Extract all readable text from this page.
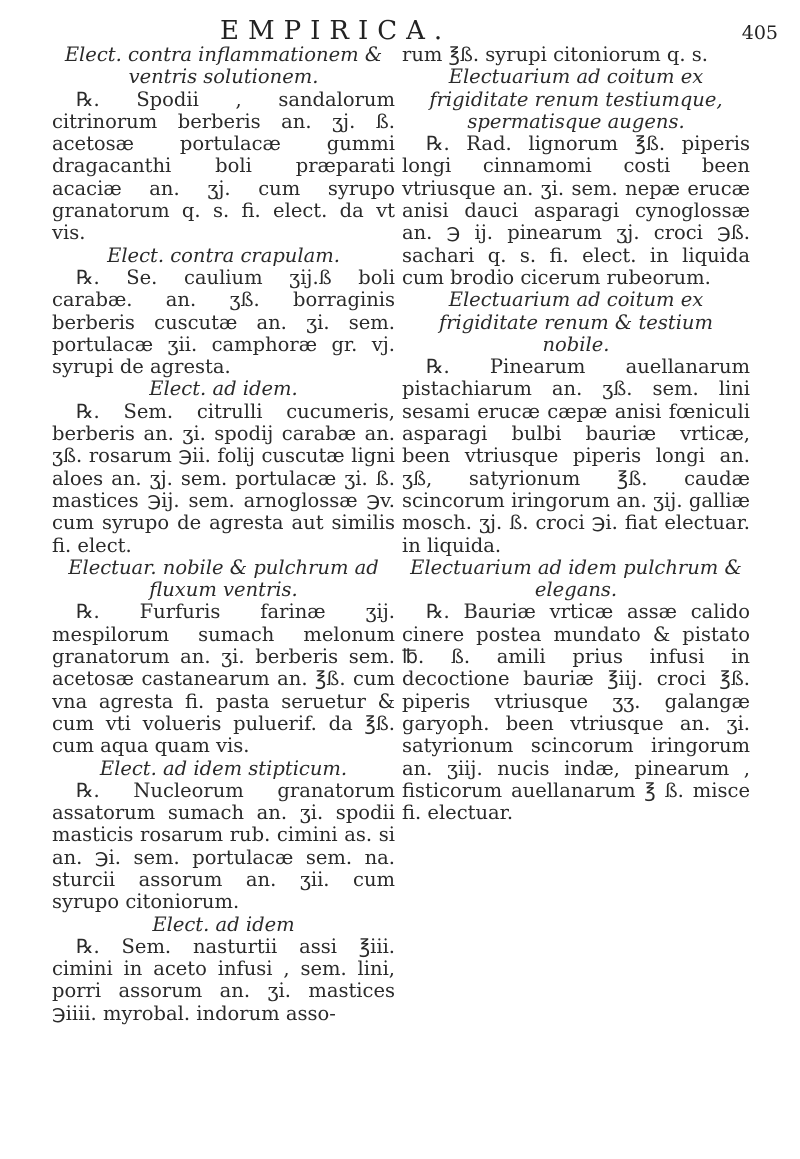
EMPIRICA.	405

Elect. contra inflammationem & ventris solutionem.

℞. Spodii , sandalorum citrinorum berberis an. ʒj. ß. acetosæ portulacæ gummi dragacanthi boli præparati acaciæ an. ʒj. cum syrupo granatorum q. s. fi. elect. da vt vis.

Elect. contra crapulam.

℞. Se. caulium ʒij.ß boli carabæ. an. ʒß. borraginis berberis cuscutæ an. ʒi. sem. portulacæ ʒii. camphoræ gr. vj. syrupi de agresta.

Elect. ad idem.

℞. Sem. citrulli cucumeris, berberis an. ʒi. spodij carabæ an. ʒß. rosarum ℈ii. folij cuscutæ ligni aloes an. ʒj. sem. portulacæ ʒi. ß. mastices ℈ij. sem. arnoglossæ ℈v. cum syrupo de agresta aut similis fi. elect.

Electuar. nobile & pulchrum ad fluxum ventris.

℞. Furfuris farinæ ʒij. mespilorum sumach melonum granatorum an. ʒi. berberis sem. acetosæ castanearum an. ℥ß. cum vna agresta fi. pasta seruetur & cum vti volueris puluerif. da ℥ß. cum aqua quam vis.

Elect. ad idem stipticum.

℞. Nucleorum granatorum assatorum sumach an. ʒi. spodii masticis rosarum rub. cimini as. si an. ℈i. sem. portulacæ sem. na. sturcii assorum an. ʒii. cum syrupo citoniorum.

Elect. ad idem

℞. Sem. nasturtii assi ℥iii. cimini in aceto infusi , sem. lini, porri assorum an. ʒi. mastices ℈iiii. myrobal. indorum asso-

rum ℥ß. syrupi citoniorum q. s.

Electuarium ad coitum ex frigiditate renum testiumque, spermatisque augens.

℞. Rad. lignorum ℥ß. piperis longi cinnamomi costi been vtriusque an. ʒi. sem. nepæ erucæ anisi dauci asparagi cynoglossæ an. ℈ ij. pinearum ʒj. croci ℈ß. sachari q. s. fi. elect. in liquida cum brodio cicerum rubeorum.

Electuarium ad coitum ex frigiditate renum & testium nobile.

℞. Pinearum auellanarum pistachiarum an. ʒß. sem. lini sesami erucæ cæpæ anisi fœniculi asparagi bulbi bauriæ vrticæ, been vtriusque piperis longi an. ʒß, satyrionum ℥ß. caudæ scincorum iringorum an. ʒij. galliæ mosch. ʒj. ß. croci ℈i. fiat electuar. in liquida.

Electuarium ad idem pulchrum & elegans.

℞. Bauriæ vrticæ assæ calido cinere postea mundato & pistato ℔. ß. amili prius infusi in decoctione bauriæ ℥iij. croci ℥ß. piperis vtriusque ʒʒ. galangæ garyoph. been vtriusque an. ʒi. satyrionum scincorum iringorum an. ʒiij. nucis indæ, pinearum , fisticorum auellanarum ℥ ß. misce fi. electuar.
